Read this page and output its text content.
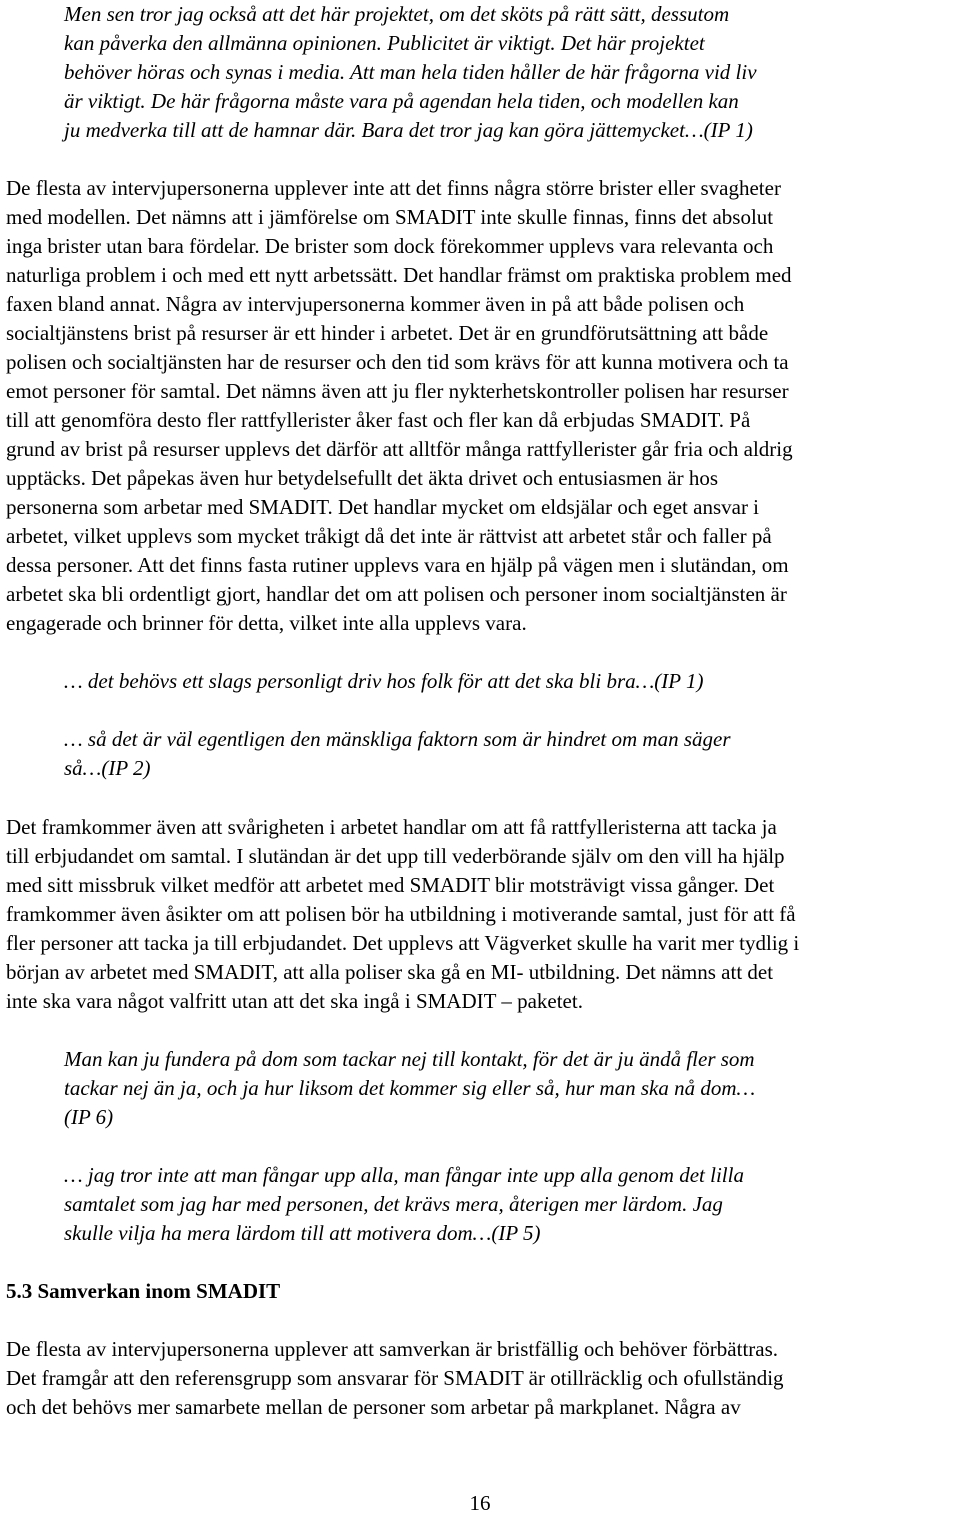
Men sen tror jag också att det här projektet, om det sköts på rätt sätt, dessutom
kan påverka den allmänna opinionen. Publicitet är viktigt. Det här projektet
behöver höras och synas i media. Att man hela tiden håller de här frågorna vid liv
är viktigt. De här frågorna måste vara på agendan hela tiden, och modellen kan
ju medverka till att de hamnar där. Bara det tror jag kan göra jättemycket…(IP 1)
De flesta av intervjupersonerna upplever inte att det finns några större brister eller svagheter
med modellen. Det nämns att i jämförelse om SMADIT inte skulle finnas, finns det absolut
inga brister utan bara fördelar. De brister som dock förekommer upplevs vara relevanta och
naturliga problem i och med ett nytt arbetssätt. Det handlar främst om praktiska problem med
faxen bland annat. Några av intervjupersonerna kommer även in på att både polisen och
socialtjänstens brist på resurser är ett hinder i arbetet. Det är en grundförutsättning att både
polisen och socialtjänsten har de resurser och den tid som krävs för att kunna motivera och ta
emot personer för samtal. Det nämns även att ju fler nykterhetskontroller polisen har resurser
till att genomföra desto fler rattfyllerister åker fast och fler kan då erbjudas SMADIT. På
grund av brist på resurser upplevs det därför att alltför många rattfyllerister går fria och aldrig
upptäcks. Det påpekas även hur betydelsefullt det äkta drivet och entusiasmen är hos
personerna som arbetar med SMADIT. Det handlar mycket om eldsjälar och eget ansvar i
arbetet, vilket upplevs som mycket tråkigt då det inte är rättvist att arbetet står och faller på
dessa personer. Att det finns fasta rutiner upplevs vara en hjälp på vägen men i slutändan, om
arbetet ska bli ordentligt gjort, handlar det om att polisen och personer inom socialtjänsten är
engagerade och brinner för detta, vilket inte alla upplevs vara.
… det behövs ett slags personligt driv hos folk för att det ska bli bra…(IP 1)
… så det är väl egentligen den mänskliga faktorn som är hindret om man säger
så…(IP 2)
Det framkommer även att svårigheten i arbetet handlar om att få rattfylleristerna att tacka ja
till erbjudandet om samtal. I slutändan är det upp till vederbörande själv om den vill ha hjälp
med sitt missbruk vilket medför att arbetet med SMADIT blir motsträvigt vissa gånger. Det
framkommer även åsikter om att polisen bör ha utbildning i motiverande samtal, just för att få
fler personer att tacka ja till erbjudandet. Det upplevs att Vägverket skulle ha varit mer tydlig i
början av arbetet med SMADIT, att alla poliser ska gå en MI- utbildning. Det nämns att det
inte ska vara något valfritt utan att det ska ingå i SMADIT – paketet.
Man kan ju fundera på dom som tackar nej till kontakt, för det är ju ändå fler som
tackar nej än ja, och ja hur liksom det kommer sig eller så, hur man ska nå dom…
(IP 6)
… jag tror inte att man fångar upp alla, man fångar inte upp alla genom det lilla
samtalet som jag har med personen, det krävs mera, återigen mer lärdom. Jag
skulle vilja ha mera lärdom till att motivera dom…(IP 5)
5.3 Samverkan inom SMADIT
De flesta av intervjupersonerna upplever att samverkan är bristfällig och behöver förbättras.
Det framgår att den referensgrupp som ansvarar för SMADIT är otillräcklig och ofullständig
och det behövs mer samarbete mellan de personer som arbetar på markplanet. Några av
16
